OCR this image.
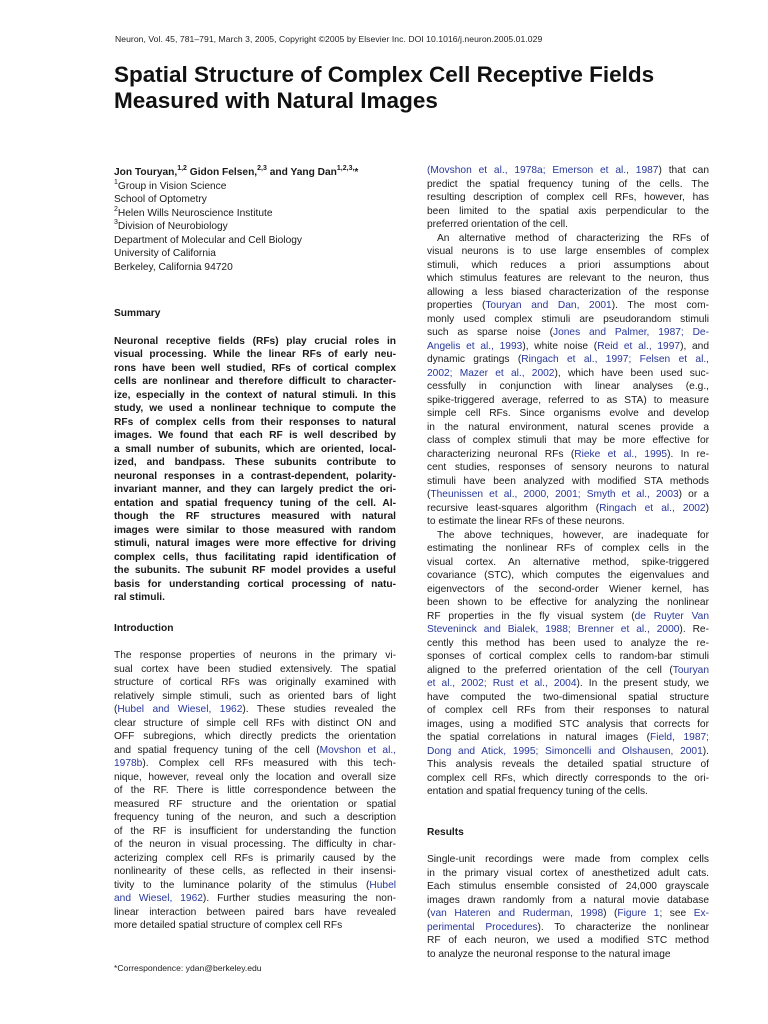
Neuron, Vol. 45, 781–791, March 3, 2005, Copyright ©2005 by Elsevier Inc. DOI 10.1016/j.neuron.2005.01.029
Spatial Structure of Complex Cell Receptive Fields
Measured with Natural Images
Jon Touryan,$^{1,2}$ Gidon Felsen,$^{2,3}$ and Yang Dan$^{1,2,3,}$*
$^1$Group in Vision Science
School of Optometry
$^2$Helen Wills Neuroscience Institute
$^3$Division of Neurobiology
Department of Molecular and Cell Biology
University of California
Berkeley, California 94720
Summary
Neuronal receptive fields (RFs) play crucial roles in
visual processing. While the linear RFs of early neu-
rons have been well studied, RFs of cortical complex
cells are nonlinear and therefore difficult to character-
ize, especially in the context of natural stimuli. In this
study, we used a nonlinear technique to compute the
RFs of complex cells from their responses to natural
images. We found that each RF is well described by
a small number of subunits, which are oriented, local-
ized, and bandpass. These subunits contribute to
neuronal responses in a contrast-dependent, polarity-
invariant manner, and they can largely predict the ori-
entation and spatial frequency tuning of the cell. Al-
though the RF structures measured with natural
images were similar to those measured with random
stimuli, natural images were more effective for driving
complex cells, thus facilitating rapid identification of
the subunits. The subunit RF model provides a useful
basis for understanding cortical processing of natu-
ral stimuli.
Introduction
The response properties of neurons in the primary vi-
sual cortex have been studied extensively. The spatial
structure of cortical RFs was originally examined with
relatively simple stimuli, such as oriented bars of light
(Hubel and Wiesel, 1962). These studies revealed the
clear structure of simple cell RFs with distinct ON and
OFF subregions, which directly predicts the orientation
and spatial frequency tuning of the cell (Movshon et al.,
1978b). Complex cell RFs measured with this tech-
nique, however, reveal only the location and overall size
of the RF. There is little correspondence between the
measured RF structure and the orientation or spatial
frequency tuning of the neuron, and such a description
of the RF is insufficient for understanding the function
of the neuron in visual processing. The difficulty in char-
acterizing complex cell RFs is primarily caused by the
nonlinearity of these cells, as reflected in their insensi-
tivity to the luminance polarity of the stimulus (Hubel
and Wiesel, 1962). Further studies measuring the non-
linear interaction between paired bars have revealed
more detailed spatial structure of complex cell RFs
*Correspondence: ydan@berkeley.edu
(Movshon et al., 1978a; Emerson et al., 1987) that can
predict the spatial frequency tuning of the cells. The
resulting description of complex cell RFs, however, has
been limited to the spatial axis perpendicular to the
preferred orientation of the cell.
An alternative method of characterizing the RFs of
visual neurons is to use large ensembles of complex
stimuli, which reduces a priori assumptions about
which stimulus features are relevant to the neuron, thus
allowing a less biased characterization of the response
properties (Touryan and Dan, 2001). The most com-
monly used complex stimuli are pseudorandom stimuli
such as sparse noise (Jones and Palmer, 1987; De-
Angelis et al., 1993), white noise (Reid et al., 1997), and
dynamic gratings (Ringach et al., 1997; Felsen et al.,
2002; Mazer et al., 2002), which have been used suc-
cessfully in conjunction with linear analyses (e.g.,
spike-triggered average, referred to as STA) to measure
simple cell RFs. Since organisms evolve and develop
in the natural environment, natural scenes provide a
class of complex stimuli that may be more effective for
characterizing neuronal RFs (Rieke et al., 1995). In re-
cent studies, responses of sensory neurons to natural
stimuli have been analyzed with modified STA methods
(Theunissen et al., 2000, 2001; Smyth et al., 2003) or a
recursive least-squares algorithm (Ringach et al., 2002)
to estimate the linear RFs of these neurons.
The above techniques, however, are inadequate for
estimating the nonlinear RFs of complex cells in the
visual cortex. An alternative method, spike-triggered
covariance (STC), which computes the eigenvalues and
eigenvectors of the second-order Wiener kernel, has
been shown to be effective for analyzing the nonlinear
RF properties in the fly visual system (de Ruyter Van
Steveninck and Bialek, 1988; Brenner et al., 2000). Re-
cently this method has been used to analyze the re-
sponses of cortical complex cells to random-bar stimuli
aligned to the preferred orientation of the cell (Touryan
et al., 2002; Rust et al., 2004). In the present study, we
have computed the two-dimensional spatial structure
of complex cell RFs from their responses to natural
images, using a modified STC analysis that corrects for
the spatial correlations in natural images (Field, 1987;
Dong and Atick, 1995; Simoncelli and Olshausen, 2001).
This analysis reveals the detailed spatial structure of
complex cell RFs, which directly corresponds to the ori-
entation and spatial frequency tuning of the cells.
Results
Single-unit recordings were made from complex cells
in the primary visual cortex of anesthetized adult cats.
Each stimulus ensemble consisted of 24,000 grayscale
images drawn randomly from a natural movie database
(van Hateren and Ruderman, 1998) (Figure 1; see Ex-
perimental Procedures). To characterize the nonlinear
RF of each neuron, we used a modified STC method
to analyze the neuronal response to the natural image
